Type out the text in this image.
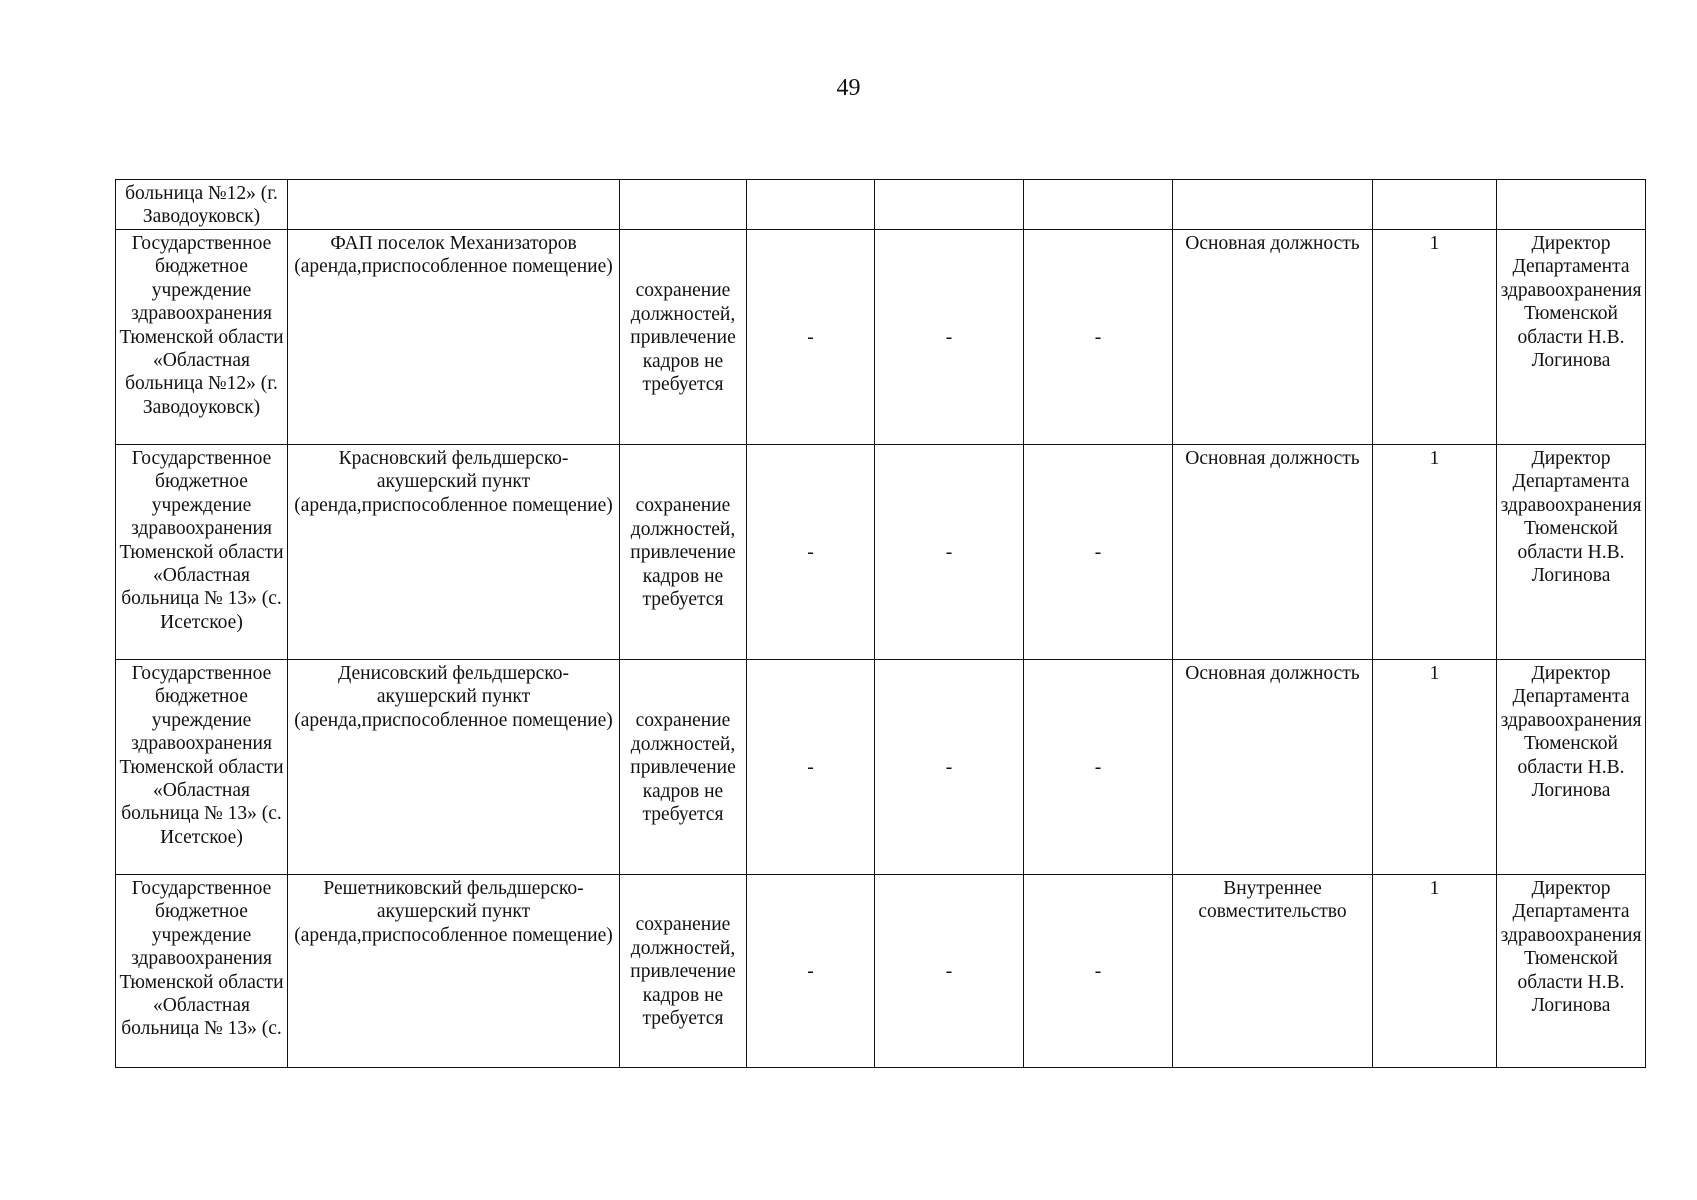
49
больница №12» (г. Заводоуковск)								
Государственное бюджетное учреждение здравоохранения Тюменской области «Областная больница №12» (г. Заводоуковск)	ФАП поселок Механизаторов (аренда,приспособленное помещение)	сохранение должностей, привлечение кадров не требуется	-	-	-	Основная должность	1	Директор Департамента здравоохранения Тюменской области Н.В. Логинова
Государственное бюджетное учреждение здравоохранения Тюменской области «Областная больница № 13» (с. Исетское)	Красновский фельдшерско-акушерский пункт (аренда,приспособленное помещение)	сохранение должностей, привлечение кадров не требуется	-	-	-	Основная должность	1	Директор Департамента здравоохранения Тюменской области Н.В. Логинова
Государственное бюджетное учреждение здравоохранения Тюменской области «Областная больница № 13» (с. Исетское)	Денисовский фельдшерско-акушерский пункт (аренда,приспособленное помещение)	сохранение должностей, привлечение кадров не требуется	-	-	-	Основная должность	1	Директор Департамента здравоохранения Тюменской области Н.В. Логинова
Государственное бюджетное учреждение здравоохранения Тюменской области «Областная больница № 13» (с.	Решетниковский фельдшерско-акушерский пункт (аренда,приспособленное помещение)	сохранение должностей, привлечение кадров не требуется	-	-	-	Внутреннее совместительство	1	Директор Департамента здравоохранения Тюменской области Н.В. Логинова
